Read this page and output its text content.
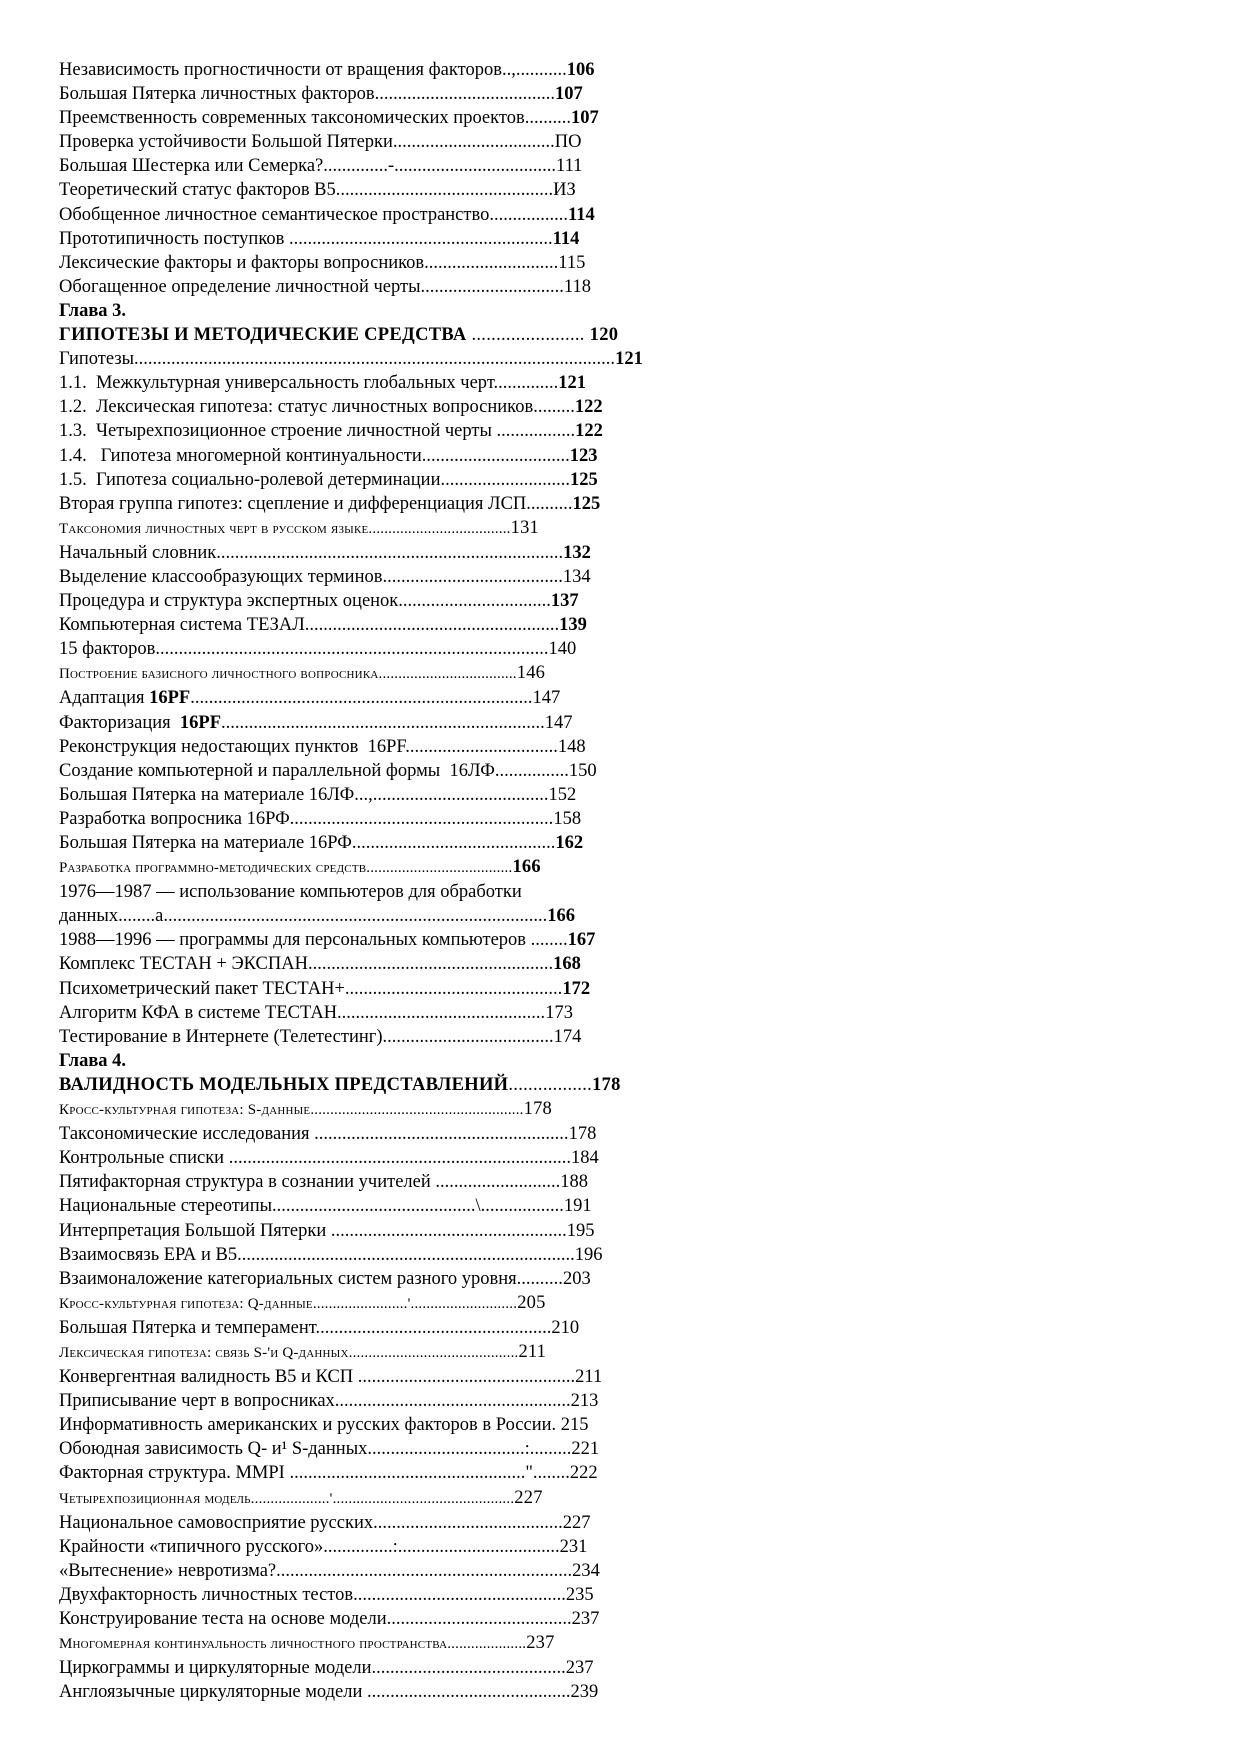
Независимость прогностичности от вращения факторов..,...........106
Большая Пятерка личностных факторов.......................................107
Преемственность современных таксономических проектов..........107
Проверка устойчивости Большой Пятерки...................................ПО
Большая Шестерка или Семерка?..............-...................................111
Теоретический статус факторов В5...............................................ИЗ
Обобщенное личностное семантическое пространство.................114
Прототипичность поступков .........................................................114
Лексические факторы и факторы вопросников.............................115
Обогащенное определение личностной черты...............................118
Глава 3.
ГИПОТЕЗЫ И МЕТОДИЧЕСКИЕ СРЕДСТВА ....................... 120
Гипотезы........................................................................................................121
1.1.  Межкультурная универсальность глобальных черт..............121
1.2.  Лексическая гипотеза: статус личностных вопросников.........122
1.3.  Четырехпозиционное строение личностной черты .................122
1.4.   Гипотеза многомерной континуальности................................123
1.5.  Гипотеза социально-ролевой детерминации............................125
Вторая группа гипотез: сцепление и дифференциация ЛСП..........125
Таксономия личностных черт в русском языке....................................131
Начальный словник...........................................................................132
Выделение классообразующих терминов.......................................134
Процедура и структура экспертных оценок.................................137
Компьютерная система ТЕЗАЛ.......................................................139
15 факторов.....................................................................................140
Построение базисного личностного вопросника...................................146
Адаптация 16PF..........................................................................147
Факторизация  16PF......................................................................147
Реконструкция недостающих пунктов  16PF.................................148
Создание компьютерной и параллельной формы  16ЛФ................150
Большая Пятерка на материале 16ЛФ...,......................................152
Разработка вопросника 16РФ.........................................................158
Большая Пятерка на материале 16РФ............................................162
Разработка программно-методических средств.....................................166
1976—1987 — использование компьютеров для обработки
данных........а...................................................................................166
1988—1996 — программы для персональных компьютеров ........167
Комплекс ТЕСТАН + ЭКСПАН.....................................................168
Психометрический пакет ТЕСТАН+...............................................172
Алгоритм КФА в системе ТЕСТАН.............................................173
Тестирование в Интернете (Телетестинг).....................................174
Глава 4.
ВАЛИДНОСТЬ МОДЕЛЬНЫХ ПРЕДСТАВЛЕНИЙ.................178
Кросс-культурная гипотеза: S-данные......................................................178
Таксономические исследования .......................................................178
Контрольные списки ..........................................................................184
Пятифакторная структура в сознании учителей ...........................188
Национальные стереотипы............................................\..................191
Интерпретация Большой Пятерки ...................................................195
Взаимосвязь ЕРА и В5.........................................................................196
Взаимоналожение категориальных систем разного уровня..........203
Кросс-культурная гипотеза: Q-данные........................'...........................205
Большая Пятерка и темперамент...................................................210
Лексическая гипотеза: связь S-'и Q-данных...........................................211
Конвергентная валидность В5 и КСП ...............................................211
Приписывание черт в вопросниках...................................................213
Информативность американских и русских факторов в России. 215
Обоюдная зависимость Q- и¹ S-данных..................................:.........221
Факторная структура. MMPI ..................................................."........222
Четырехпозиционная модель....................'..............................................227
Национальное самовосприятие русских.........................................227
Крайности «типичного русского»...............:...................................231
«Вытеснение» невротизма?................................................................234
Двухфакторность личностных тестов..............................................235
Конструирование теста на основе модели........................................237
Многомерная континуальность личностного пространства....................237
Циркограммы и циркуляторные модели..........................................237
Англоязычные циркуляторные модели ............................................239
